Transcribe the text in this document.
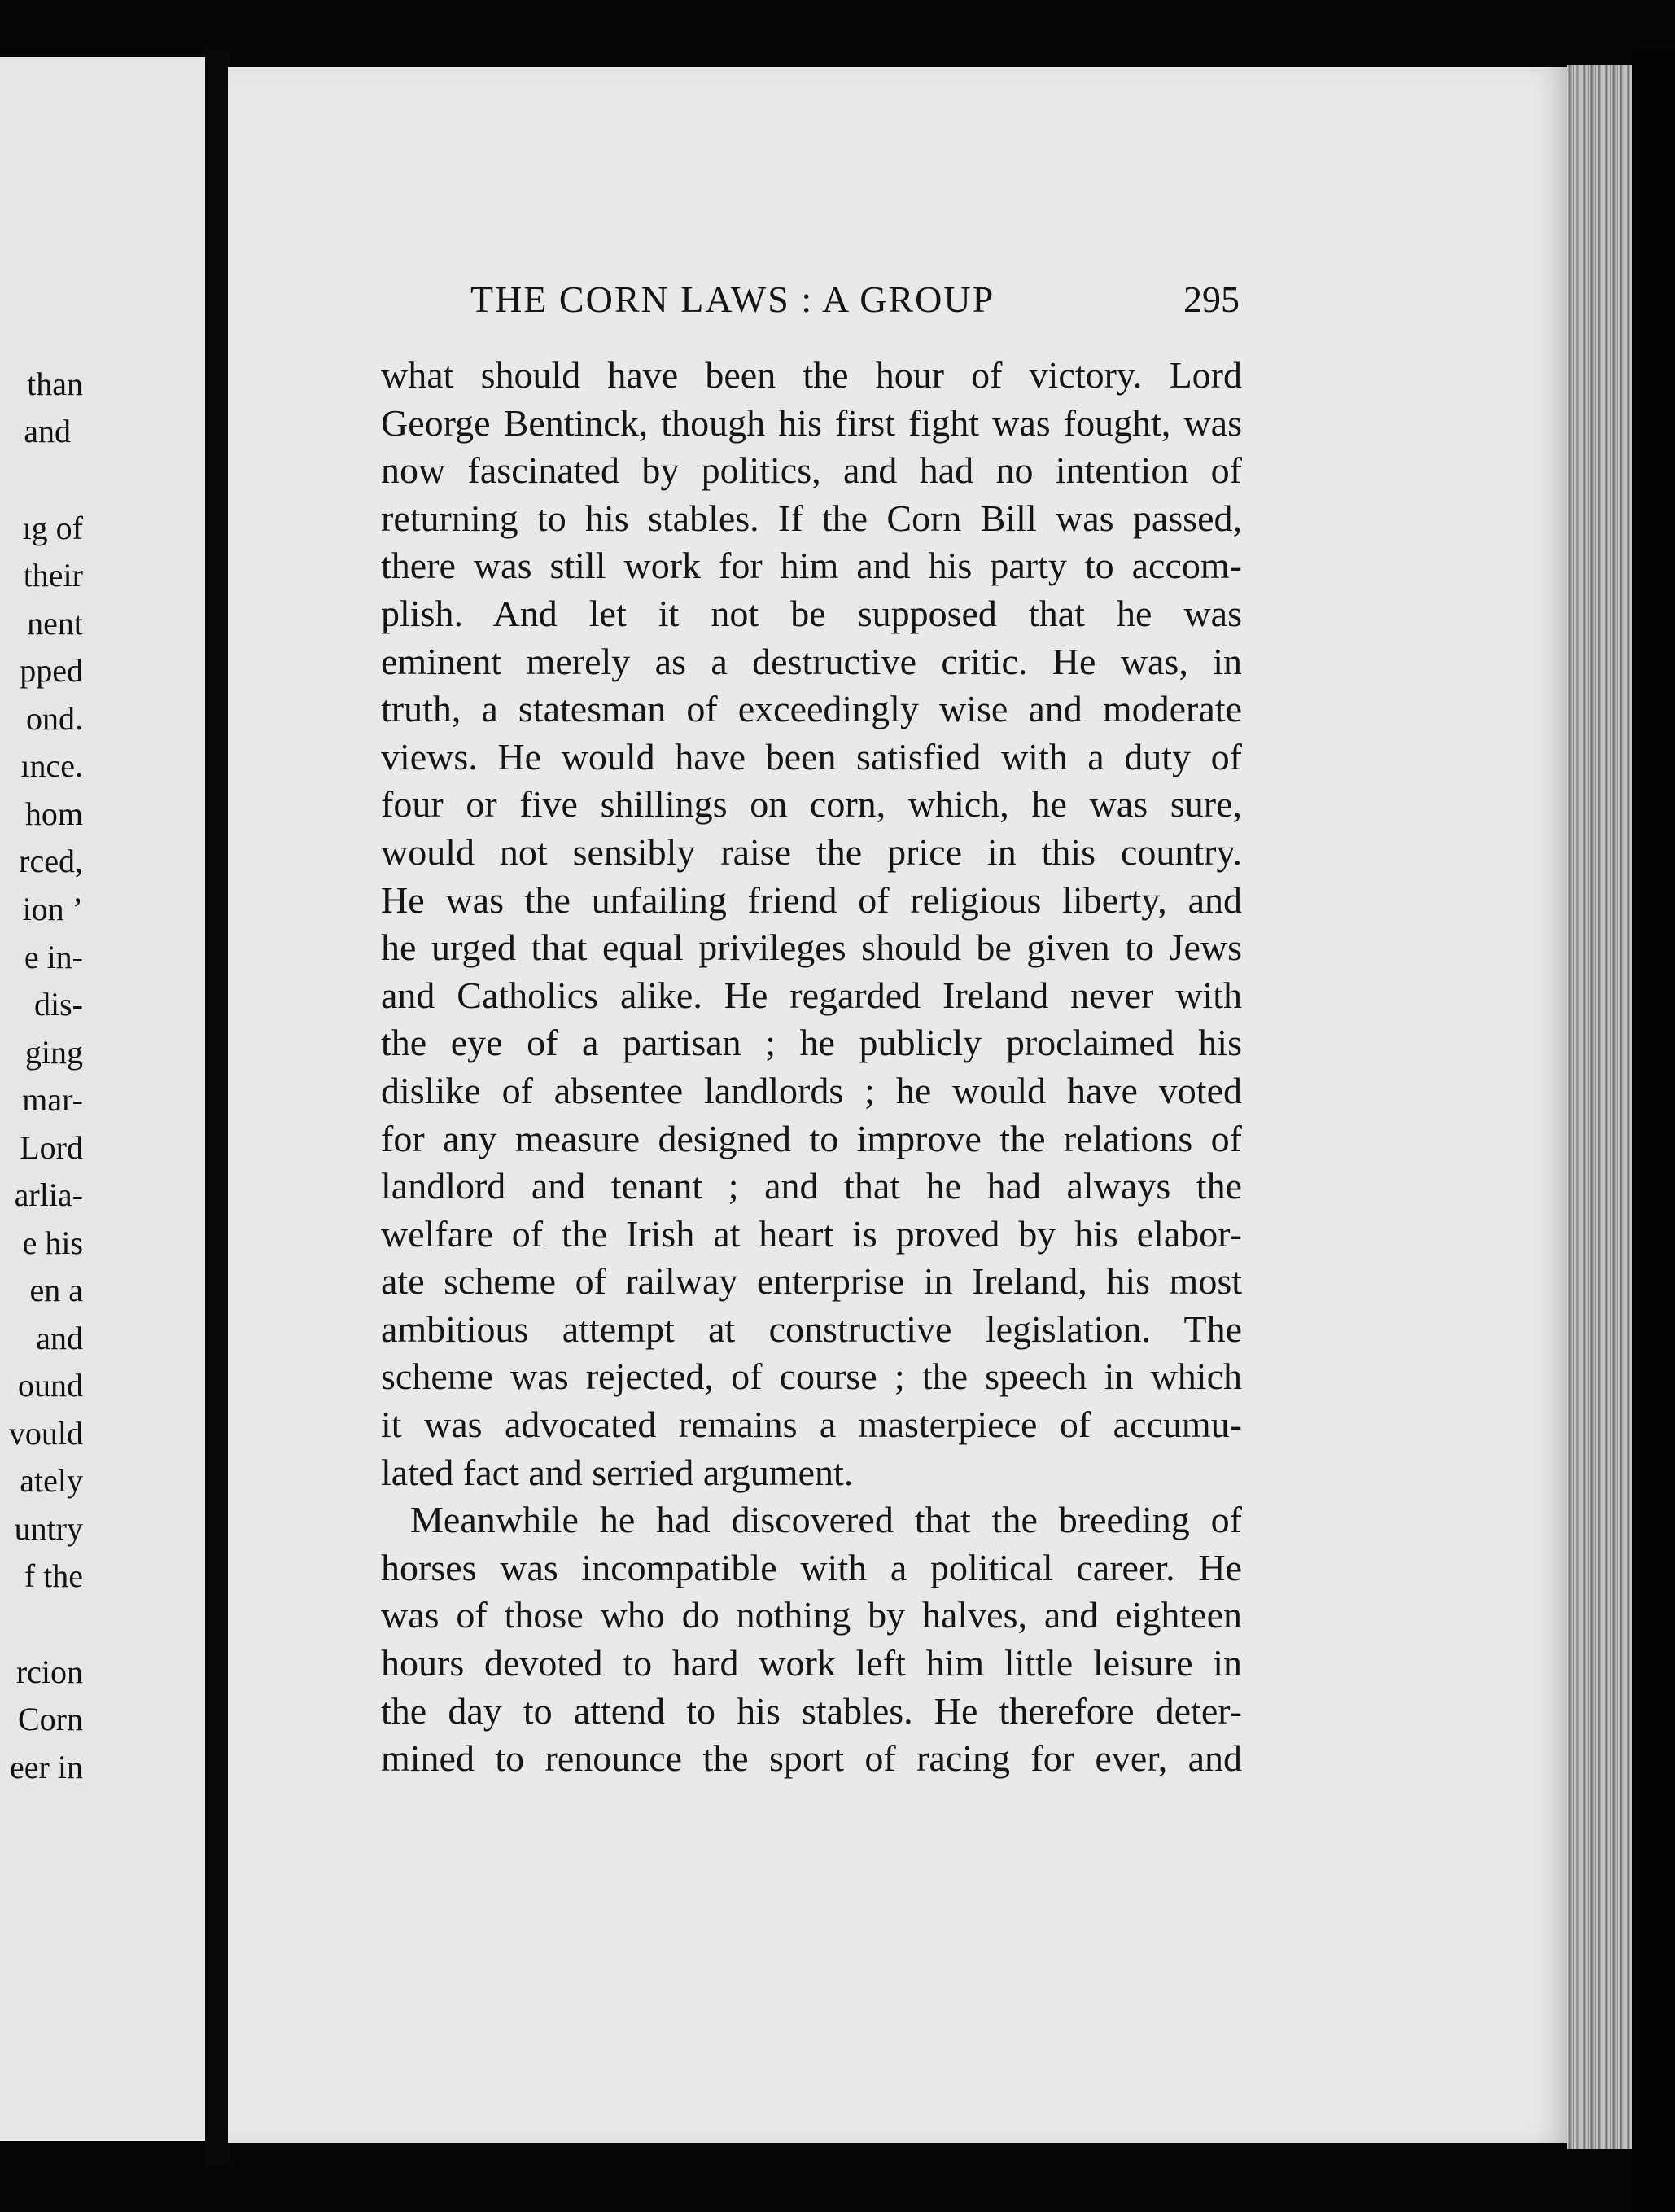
than

and

ıg of

their

nent

pped

ond.

ınce.

hom

rced,

ion ’

e in-

dis-

ging

mar-

Lord

arlia-

e his

en a

and

ound

vould

ately

untry

f the

rcion

Corn

eer in

THE CORN LAWS : A GROUP	295

what should have been the hour of victory. Lord
George Bentinck, though his first fight was fought, was
now fascinated by politics, and had no intention of
returning to his stables. If the Corn Bill was passed,
there was still work for him and his party to accom-
plish. And let it not be supposed that he was
eminent merely as a destructive critic. He was, in
truth, a statesman of exceedingly wise and moderate
views. He would have been satisfied with a duty of
four or five shillings on corn, which, he was sure,
would not sensibly raise the price in this country.
He was the unfailing friend of religious liberty, and
he urged that equal privileges should be given to Jews
and Catholics alike. He regarded Ireland never with
the eye of a partisan ; he publicly proclaimed his
dislike of absentee landlords ; he would have voted
for any measure designed to improve the relations of
landlord and tenant ; and that he had always the
welfare of the Irish at heart is proved by his elabor-
ate scheme of railway enterprise in Ireland, his most
ambitious attempt at constructive legislation. The
scheme was rejected, of course ; the speech in which
it was advocated remains a masterpiece of accumu-
lated fact and serried argument.
Meanwhile he had discovered that the breeding of
horses was incompatible with a political career. He
was of those who do nothing by halves, and eighteen
hours devoted to hard work left him little leisure in
the day to attend to his stables. He therefore deter-
mined to renounce the sport of racing for ever, and
